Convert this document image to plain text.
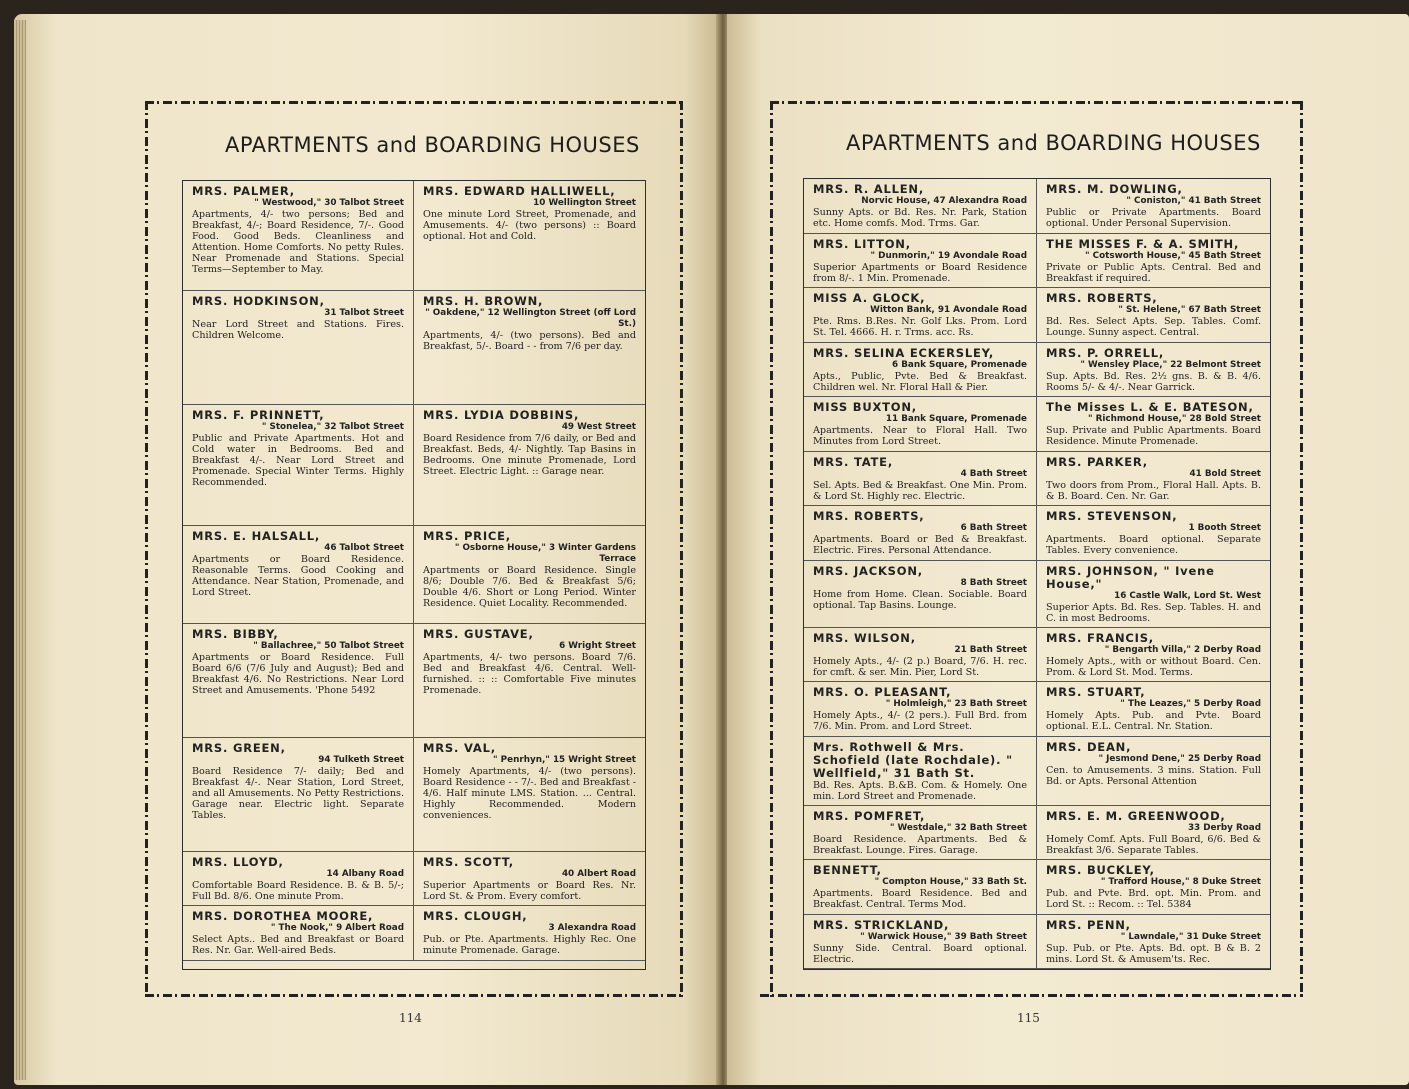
APARTMENTS and BOARDING HOUSES
MRS. PALMER,
" Westwood," 30 Talbot Street
Apartments, 4/- two persons; Bed and Breakfast, 4/-; Board Residence, 7/-. Good Food. Good Beds. Cleanliness and Attention. Home Comforts. No petty Rules. Near Promenade and Stations. Special Terms—September to May.
MRS. EDWARD HALLIWELL,
10 Wellington Street
One minute Lord Street, Promenade, and Amusements. 4/- (two persons) :: Board optional. Hot and Cold.
MRS. HODKINSON,
31 Talbot Street
Near Lord Street and Stations. Fires. Children Welcome.
MRS. H. BROWN,
" Oakdene," 12 Wellington Street (off Lord St.)
Apartments, 4/- (two persons). Bed and Breakfast, 5/-. Board - - from 7/6 per day.
MRS. F. PRINNETT,
" Stonelea," 32 Talbot Street
Public and Private Apartments. Hot and Cold water in Bedrooms. Bed and Breakfast 4/-. Near Lord Street and Promenade. Special Winter Terms. Highly Recommended.
MRS. LYDIA DOBBINS,
49 West Street
Board Residence from 7/6 daily, or Bed and Breakfast. Beds, 4/- Nightly. Tap Basins in Bedrooms. One minute Promenade, Lord Street. Electric Light. :: Garage near.
MRS. E. HALSALL,
46 Talbot Street
Apartments or Board Residence. Reasonable Terms. Good Cooking and Attendance. Near Station, Promenade, and Lord Street.
MRS. PRICE,
" Osborne House," 3 Winter Gardens Terrace
Apartments or Board Residence. Single 8/6; Double 7/6. Bed & Breakfast 5/6; Double 4/6. Short or Long Period. Winter Residence. Quiet Locality. Recommended.
MRS. BIBBY,
" Ballachree," 50 Talbot Street
Apartments or Board Residence. Full Board 6/6 (7/6 July and August); Bed and Breakfast 4/6. No Restrictions. Near Lord Street and Amusements. 'Phone 5492
MRS. GUSTAVE,
6 Wright Street
Apartments, 4/- two persons. Board 7/6. Bed and Breakfast 4/6. Central. Well-furnished. :: :: Comfortable Five minutes Promenade.
MRS. GREEN,
94 Tulketh Street
Board Residence 7/- daily; Bed and Breakfast 4/-. Near Station, Lord Street, and all Amusements. No Petty Restrictions. Garage near. Electric light. Separate Tables.
MRS. VAL,
" Penrhyn," 15 Wright Street
Homely Apartments, 4/- (two persons). Board Residence - - 7/-. Bed and Breakfast - 4/6. Half minute LMS. Station. ... Central. Highly Recommended. Modern conveniences.
MRS. LLOYD,
14 Albany Road
Comfortable Board Residence. B. & B. 5/-; Full Bd. 8/6. One minute Prom.
MRS. SCOTT,
40 Albert Road
Superior Apartments or Board Res. Nr. Lord St. & Prom. Every comfort.
MRS. DOROTHEA MOORE,
" The Nook," 9 Albert Road
Select Apts.. Bed and Breakfast or Board Res. Nr. Gar. Well-aired Beds.
MRS. CLOUGH,
3 Alexandra Road
Pub. or Pte. Apartments. Highly Rec. One minute Promenade. Garage.
114
APARTMENTS and BOARDING HOUSES
MRS. R. ALLEN,
Norvic House, 47 Alexandra Road
Sunny Apts. or Bd. Res. Nr. Park, Station etc. Home comfs. Mod. Trms. Gar.
MRS. M. DOWLING,
" Coniston," 41 Bath Street
Public or Private Apartments. Board optional. Under Personal Supervision.
MRS. LITTON,
" Dunmorin," 19 Avondale Road
Superior Apartments or Board Residence from 8/-. 1 Min. Promenade.
THE MISSES F. & A. SMITH,
" Cotsworth House," 45 Bath Street
Private or Public Apts. Central. Bed and Breakfast if required.
MISS A. GLOCK,
Witton Bank, 91 Avondale Road
Pte. Rms. B.Res. Nr. Golf Lks. Prom. Lord St. Tel. 4666. H. r. Trms. acc. Rs.
MRS. ROBERTS,
" St. Helene," 67 Bath Street
Bd. Res. Select Apts. Sep. Tables. Comf. Lounge. Sunny aspect. Central.
MRS. SELINA ECKERSLEY,
6 Bank Square, Promenade
Apts., Public, Pvte. Bed & Breakfast. Children wel. Nr. Floral Hall & Pier.
MRS. P. ORRELL,
" Wensley Place," 22 Belmont Street
Sup. Apts. Bd. Res. 2½ gns. B. & B. 4/6. Rooms 5/- & 4/-. Near Garrick.
MISS BUXTON,
11 Bank Square, Promenade
Apartments. Near to Floral Hall. Two Minutes from Lord Street.
The Misses L. & E. BATESON,
" Richmond House," 28 Bold Street
Sup. Private and Public Apartments. Board Residence. Minute Promenade.
MRS. TATE,
4 Bath Street
Sel. Apts. Bed & Breakfast. One Min. Prom. & Lord St. Highly rec. Electric.
MRS. PARKER,
41 Bold Street
Two doors from Prom., Floral Hall. Apts. B. & B. Board. Cen. Nr. Gar.
MRS. ROBERTS,
6 Bath Street
Apartments. Board or Bed & Breakfast. Electric. Fires. Personal Attendance.
MRS. STEVENSON,
1 Booth Street
Apartments. Board optional. Separate Tables. Every convenience.
MRS. JACKSON,
8 Bath Street
Home from Home. Clean. Sociable. Board optional. Tap Basins. Lounge.
MRS. JOHNSON, " Ivene House,"
16 Castle Walk, Lord St. West
Superior Apts. Bd. Res. Sep. Tables. H. and C. in most Bedrooms.
MRS. WILSON,
21 Bath Street
Homely Apts., 4/- (2 p.) Board, 7/6. H. rec. for cmft. & ser. Min. Pier, Lord St.
MRS. FRANCIS,
" Bengarth Villa," 2 Derby Road
Homely Apts., with or without Board. Cen. Prom. & Lord St. Mod. Terms.
MRS. O. PLEASANT,
" Holmleigh," 23 Bath Street
Homely Apts., 4/- (2 pers.). Full Brd. from 7/6. Min. Prom. and Lord Street.
MRS. STUART,
" The Leazes," 5 Derby Road
Homely Apts. Pub. and Pvte. Board optional. E.L. Central. Nr. Station.
Mrs. Rothwell & Mrs. Schofield (late Rochdale). " Wellfield," 31 Bath St.
Bd. Res. Apts. B.&B. Com. & Homely. One min. Lord Street and Promenade.
MRS. DEAN,
" Jesmond Dene," 25 Derby Road
Cen. to Amusements. 3 mins. Station. Full Bd. or Apts. Personal Attention
MRS. POMFRET,
" Westdale," 32 Bath Street
Board Residence. Apartments. Bed & Breakfast. Lounge. Fires. Garage.
MRS. E. M. GREENWOOD,
33 Derby Road
Homely Comf. Apts. Full Board, 6/6. Bed & Breakfast 3/6. Separate Tables.
BENNETT,
" Compton House," 33 Bath St.
Apartments. Board Residence. Bed and Breakfast. Central. Terms Mod.
MRS. BUCKLEY,
" Trafford House," 8 Duke Street
Pub. and Pvte. Brd. opt. Min. Prom. and Lord St. :: Recom. :: Tel. 5384
MRS. STRICKLAND,
" Warwick House," 39 Bath Street
Sunny Side. Central. Board optional. Electric.
MRS. PENN,
" Lawndale," 31 Duke Street
Sup. Pub. or Pte. Apts. Bd. opt. B & B. 2 mins. Lord St. & Amusem'ts. Rec.
115
